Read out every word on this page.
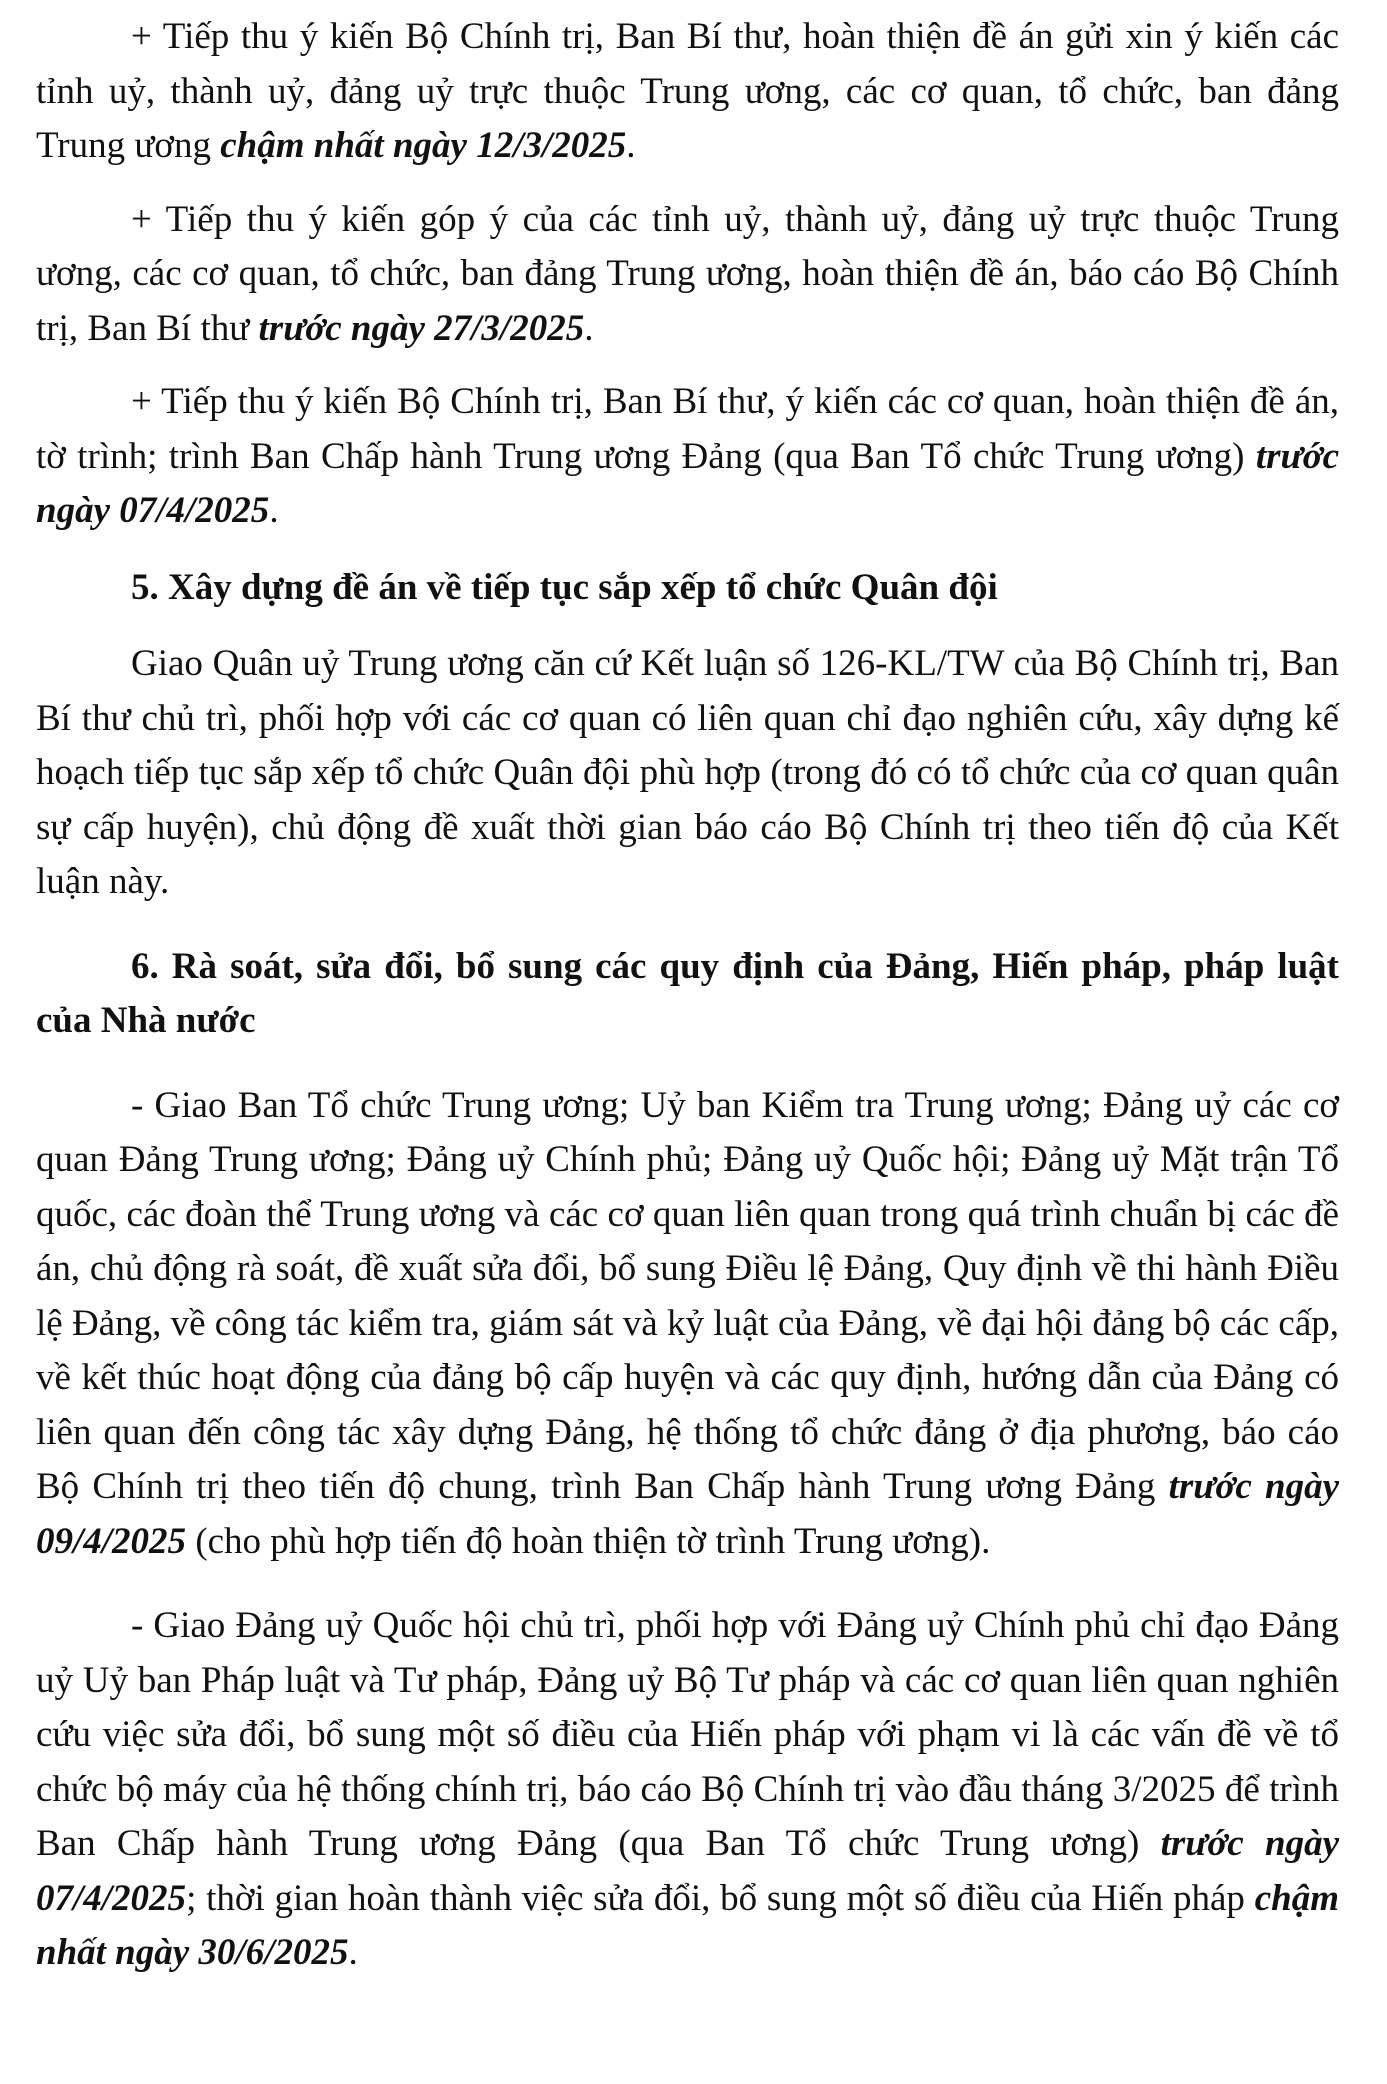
+ Tiếp thu ý kiến Bộ Chính trị, Ban Bí thư, hoàn thiện đề án gửi xin ý kiến các tỉnh uỷ, thành uỷ, đảng uỷ trực thuộc Trung ương, các cơ quan, tổ chức, ban đảng Trung ương chậm nhất ngày 12/3/2025.

+ Tiếp thu ý kiến góp ý của các tỉnh uỷ, thành uỷ, đảng uỷ trực thuộc Trung ương, các cơ quan, tổ chức, ban đảng Trung ương, hoàn thiện đề án, báo cáo Bộ Chính trị, Ban Bí thư trước ngày 27/3/2025.

+ Tiếp thu ý kiến Bộ Chính trị, Ban Bí thư, ý kiến các cơ quan, hoàn thiện đề án, tờ trình; trình Ban Chấp hành Trung ương Đảng (qua Ban Tổ chức Trung ương) trước ngày 07/4/2025.

5. Xây dựng đề án về tiếp tục sắp xếp tổ chức Quân đội

Giao Quân uỷ Trung ương căn cứ Kết luận số 126-KL/TW của Bộ Chính trị, Ban Bí thư chủ trì, phối hợp với các cơ quan có liên quan chỉ đạo nghiên cứu, xây dựng kế hoạch tiếp tục sắp xếp tổ chức Quân đội phù hợp (trong đó có tổ chức của cơ quan quân sự cấp huyện), chủ động đề xuất thời gian báo cáo Bộ Chính trị theo tiến độ của Kết luận này.

6. Rà soát, sửa đổi, bổ sung các quy định của Đảng, Hiến pháp, pháp luật của Nhà nước

- Giao Ban Tổ chức Trung ương; Uỷ ban Kiểm tra Trung ương; Đảng uỷ các cơ quan Đảng Trung ương; Đảng uỷ Chính phủ; Đảng uỷ Quốc hội; Đảng uỷ Mặt trận Tổ quốc, các đoàn thể Trung ương và các cơ quan liên quan trong quá trình chuẩn bị các đề án, chủ động rà soát, đề xuất sửa đổi, bổ sung Điều lệ Đảng, Quy định về thi hành Điều lệ Đảng, về công tác kiểm tra, giám sát và kỷ luật của Đảng, về đại hội đảng bộ các cấp, về kết thúc hoạt động của đảng bộ cấp huyện và các quy định, hướng dẫn của Đảng có liên quan đến công tác xây dựng Đảng, hệ thống tổ chức đảng ở địa phương, báo cáo Bộ Chính trị theo tiến độ chung, trình Ban Chấp hành Trung ương Đảng trước ngày 09/4/2025 (cho phù hợp tiến độ hoàn thiện tờ trình Trung ương).

- Giao Đảng uỷ Quốc hội chủ trì, phối hợp với Đảng uỷ Chính phủ chỉ đạo Đảng uỷ Uỷ ban Pháp luật và Tư pháp, Đảng uỷ Bộ Tư pháp và các cơ quan liên quan nghiên cứu việc sửa đổi, bổ sung một số điều của Hiến pháp với phạm vi là các vấn đề về tổ chức bộ máy của hệ thống chính trị, báo cáo Bộ Chính trị vào đầu tháng 3/2025 để trình Ban Chấp hành Trung ương Đảng (qua Ban Tổ chức Trung ương) trước ngày 07/4/2025; thời gian hoàn thành việc sửa đổi, bổ sung một số điều của Hiến pháp chậm nhất ngày 30/6/2025.
